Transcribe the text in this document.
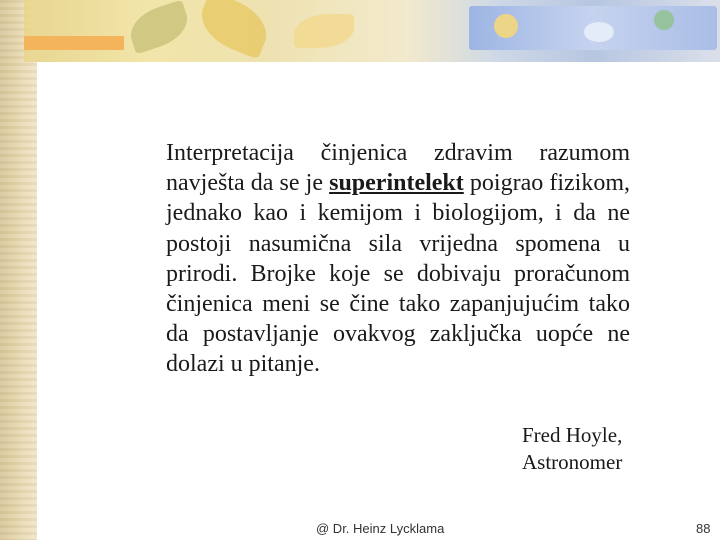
Interpretacija činjenica zdravim razumom navješta da se je superintelekt poigrao fizikom, jednako kao i kemijom i biologijom, i da ne postoji nasumična sila vrijedna spomena u prirodi. Brojke koje se dobivaju proračunom činjenica meni se čine tako zapanjujućim tako da postavljanje ovakvog zaključka uopće ne dolazi u pitanje.

Fred Hoyle,
Astronomer
@ Dr. Heinz Lycklama	88
